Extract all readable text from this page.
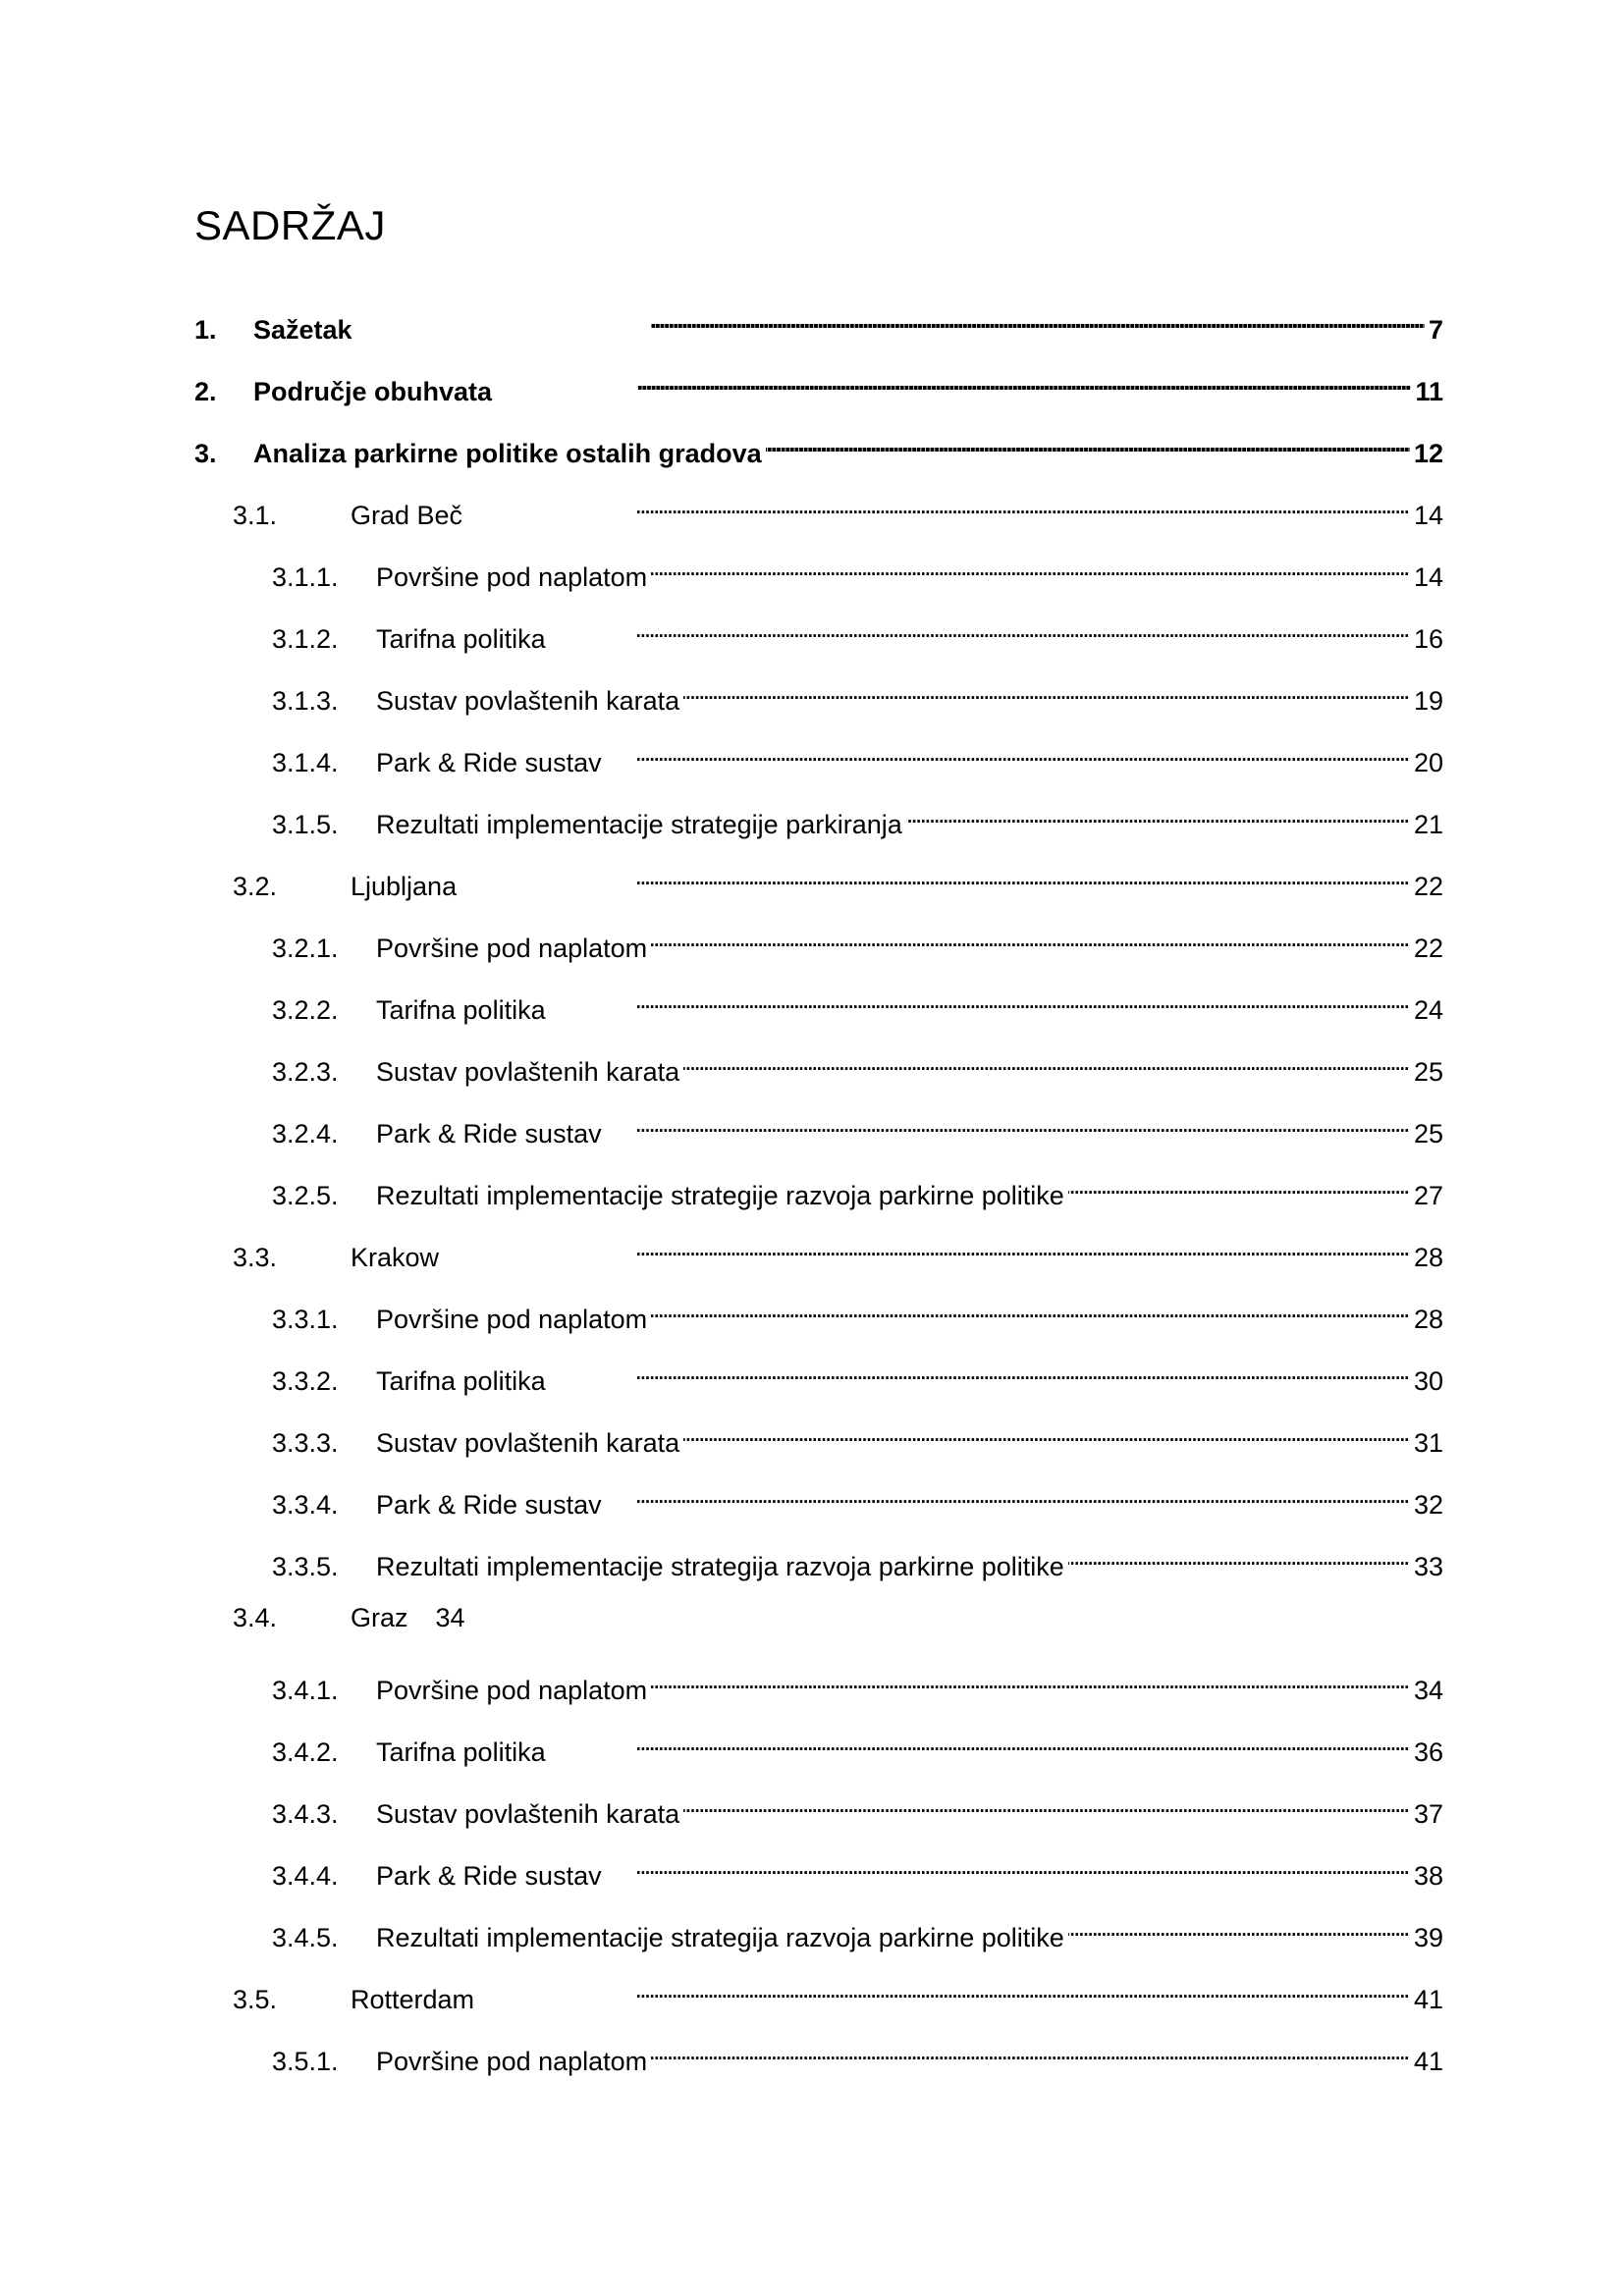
SADRŽAJ
1.	Sažetak . . .	7
2.	Područje obuhvata . . .	11
3.	Analiza parkirne politike ostalih gradova . . .	12
3.1.	Grad Beč . . .	14
3.1.1.	Površine pod naplatom . . .	14
3.1.2.	Tarifna politika . . .	16
3.1.3.	Sustav povlaštenih karata . . .	19
3.1.4.	Park & Ride sustav . . .	20
3.1.5.	Rezultati implementacije strategije parkiranja . . .	21
3.2.	Ljubljana . . .	22
3.2.1.	Površine pod naplatom . . .	22
3.2.2.	Tarifna politika . . .	24
3.2.3.	Sustav povlaštenih karata . . .	25
3.2.4.	Park & Ride sustav . . .	25
3.2.5.	Rezultati implementacije strategije razvoja parkirne politike . . .	27
3.3.	Krakow . . .	28
3.3.1.	Površine pod naplatom . . .	28
3.3.2.	Tarifna politika . . .	30
3.3.3.	Sustav povlaštenih karata . . .	31
3.3.4.	Park & Ride sustav . . .	32
3.3.5.	Rezultati implementacije strategija razvoja parkirne politike . . .	33
3.4.	Graz	34
3.4.1.	Površine pod naplatom . . .	34
3.4.2.	Tarifna politika . . .	36
3.4.3.	Sustav povlaštenih karata . . .	37
3.4.4.	Park & Ride sustav . . .	38
3.4.5.	Rezultati implementacije strategija razvoja parkirne politike . . .	39
3.5.	Rotterdam . . .	41
3.5.1.	Površine pod naplatom . . .	41
